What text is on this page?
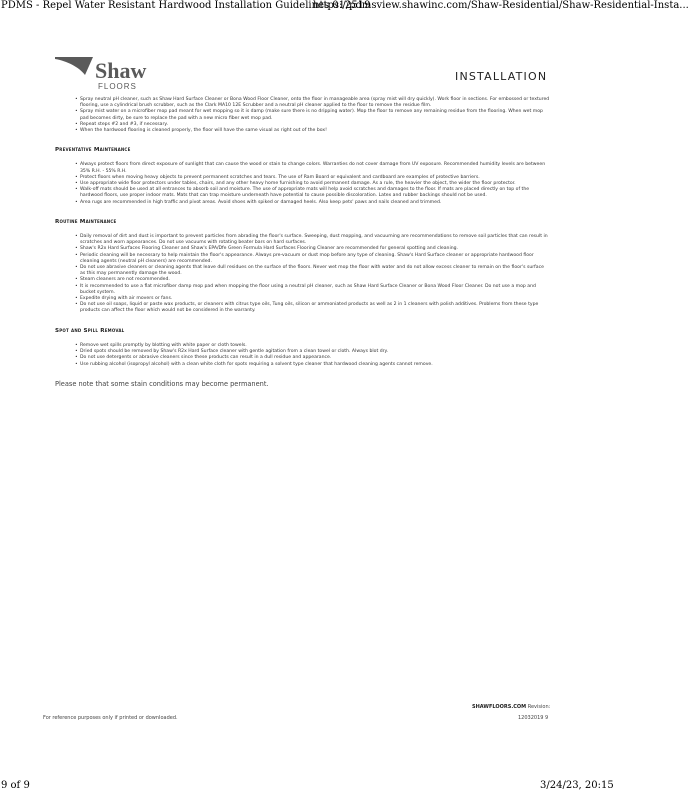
PDMS - Repel Water Resistant Hardwood Installation Guidelines 012519
https://pdmsview.shawinc.com/Shaw-Residential/Shaw-Residential-Insta...
Shaw
FLOORS
INSTALLATION
• Spray neutral pH cleaner, such as Shaw Hard Surface Cleaner or Bona Wood Floor Cleaner, onto the floor in manageable area (spray mist will dry quickly). Work floor in sections. For embossed or textured flooring, use a cylindrical brush scrubber, such as the Clark MA10 12E Scrubber and a neutral pH cleaner applied to the floor to remove the residue film.
• Spray mist water on a microfiber mop pad meant for wet mopping so it is damp (make sure there is no dripping water). Mop the floor to remove any remaining residue from the flooring. When wet mop pad becomes dirty, be sure to replace the pad with a new micro fiber wet mop pad.
• Repeat steps #2 and #3, if necessary.
• When the hardwood flooring is cleaned properly, the floor will have the same visual as right out of the box!
Preventative Maintenance
• Always protect floors from direct exposure of sunlight that can cause the wood or stain to change colors. Warranties do not cover damage from UV exposure. Recommended humidity levels are between 35% R.H. - 55% R.H.
• Protect floors when moving heavy objects to prevent permanent scratches and tears. The use of Ram Board or equivalent and cardboard are examples of protective barriers.
• Use appropriate wide floor protectors under tables, chairs, and any other heavy home furnishing to avoid permanent damage. As a rule, the heavier the object, the wider the floor protector.
• Walk-off mats should be used at all entrances to absorb soil and moisture. The use of appropriate mats will help avoid scratches and damages to the floor. If mats are placed directly on top of the hardwood floors, use proper indoor mats. Mats that can trap moisture underneath have potential to cause possible discoloration. Latex and rubber backings should not be used.
• Area rugs are recommended in high traffic and pivot areas. Avoid shoes with spiked or damaged heels. Also keep pets' paws and nails cleaned and trimmed.
Routine Maintenance
• Daily removal of dirt and dust is important to prevent particles from abrading the floor's surface. Sweeping, dust mopping, and vacuuming are recommendations to remove soil particles that can result in scratches and worn appearances. Do not use vacuums with rotating beater bars on hard surfaces.
• Shaw's R2x Hard Surfaces Flooring Cleaner and Shaw's EPA/Dfe Green Formula Hard Surfaces Flooring Cleaner are recommended for general spotting and cleaning.
• Periodic cleaning will be necessary to help maintain the floor's appearance. Always pre-vacuum or dust mop before any type of cleaning. Shaw's Hard Surface cleaner or appropriate hardwood floor cleaning agents (neutral pH cleaners) are recommended.
• Do not use abrasive cleaners or cleaning agents that leave dull residues on the surface of the floors. Never wet mop the floor with water and do not allow excess cleaner to remain on the floor's surface as this may permanently damage the wood.
• Steam cleaners are not recommended.
• It is recommended to use a flat microfiber damp mop pad when mopping the floor using a neutral pH cleaner, such as Shaw Hard Surface Cleaner or Bona Wood Floor Cleaner. Do not use a mop and bucket system.
• Expedite drying with air movers or fans.
• Do not use oil soaps, liquid or paste wax products, or cleaners with citrus type oils, Tung oils, silicon or ammoniated products as well as 2 in 1 cleaners with polish additives. Problems from these type products can affect the floor which would not be considered in the warranty.
Spot and Spill Removal
• Remove wet spills promptly by blotting with white paper or cloth towels.
• Dried spots should be removed by Shaw's R2x Hard Surface cleaner with gentle agitation from a clean towel or cloth. Always blot dry.
• Do not use detergents or abrasive cleaners since these products can result in a dull residue and appearance.
• Use rubbing alcohol (isopropyl alcohol) with a clean white cloth for spots requiring a solvent type cleaner that hardwood cleaning agents cannot remove.
Please note that some stain conditions may become permanent.
SHAWFLOORS.COM Revision:
12032019 9
For reference purposes only if printed or downloaded.
9 of 9	3/24/23, 20:15
